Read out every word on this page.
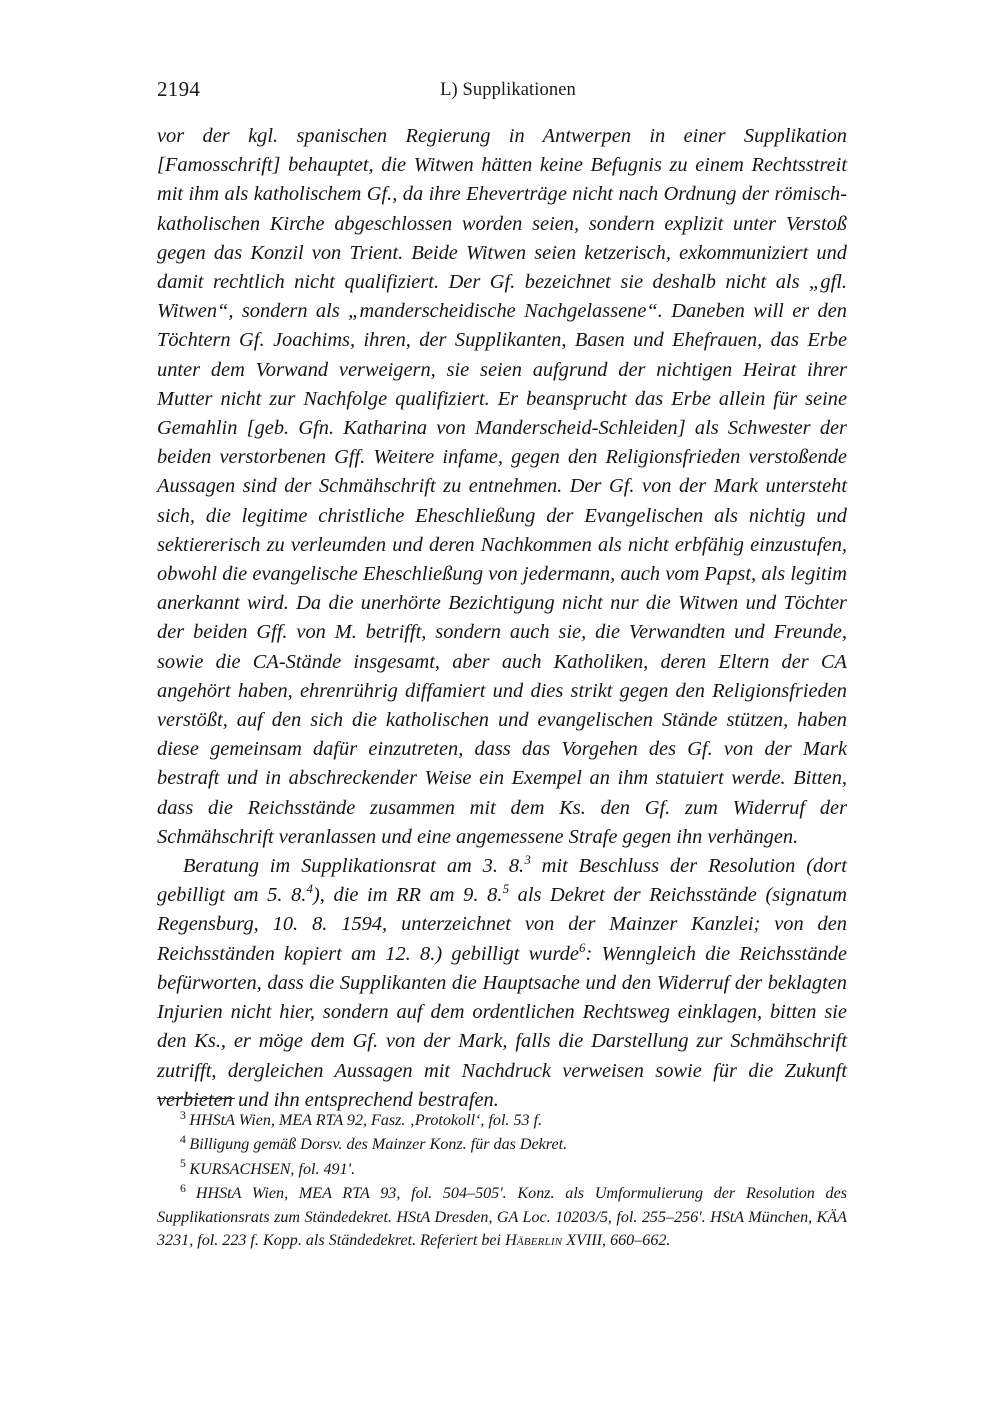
2194	L) Supplikationen

vor der kgl. spanischen Regierung in Antwerpen in einer Supplikation [Famosschrift] behauptet, die Witwen hätten keine Befugnis zu einem Rechtsstreit mit ihm als katholischem Gf., da ihre Eheverträge nicht nach Ordnung der römisch-katholischen Kirche abgeschlossen worden seien, sondern explizit unter Verstoß gegen das Konzil von Trient. Beide Witwen seien ketzerisch, exkommuniziert und damit rechtlich nicht qualifiziert. Der Gf. bezeichnet sie deshalb nicht als „gfl. Witwen“, sondern als „manderscheidische Nachgelassene“. Daneben will er den Töchtern Gf. Joachims, ihren, der Supplikanten, Basen und Ehefrauen, das Erbe unter dem Vorwand verweigern, sie seien aufgrund der nichtigen Heirat ihrer Mutter nicht zur Nachfolge qualifiziert. Er beansprucht das Erbe allein für seine Gemahlin [geb. Gfn. Katharina von Manderscheid-Schleiden] als Schwester der beiden verstorbenen Gff. Weitere infame, gegen den Religionsfrieden verstoßende Aussagen sind der Schmähschrift zu entnehmen. Der Gf. von der Mark untersteht sich, die legitime christliche Eheschließung der Evangelischen als nichtig und sektiererisch zu verleumden und deren Nachkommen als nicht erbfähig einzustufen, obwohl die evangelische Eheschließung von jedermann, auch vom Papst, als legitim anerkannt wird. Da die unerhörte Bezichtigung nicht nur die Witwen und Töchter der beiden Gff. von M. betrifft, sondern auch sie, die Verwandten und Freunde, sowie die CA-Stände insgesamt, aber auch Katholiken, deren Eltern der CA angehört haben, ehrenrührig diffamiert und dies strikt gegen den Religionsfrieden verstößt, auf den sich die katholischen und evangelischen Stände stützen, haben diese gemeinsam dafür einzutreten, dass das Vorgehen des Gf. von der Mark bestraft und in abschreckender Weise ein Exempel an ihm statuiert werde. Bitten, dass die Reichsstände zusammen mit dem Ks. den Gf. zum Widerruf der Schmähschrift veranlassen und eine angemessene Strafe gegen ihn verhängen.

Beratung im Supplikationsrat am 3. 8.$^3$ mit Beschluss der Resolution (dort gebilligt am 5. 8.$^4$), die im RR am 9. 8.$^5$ als Dekret der Reichsstände (signatum Regensburg, 10. 8. 1594, unterzeichnet von der Mainzer Kanzlei; von den Reichsständen kopiert am 12. 8.) gebilligt wurde$^6$: Wenngleich die Reichsstände befürworten, dass die Supplikanten die Hauptsache und den Widerruf der beklagten Injurien nicht hier, sondern auf dem ordentlichen Rechtsweg einklagen, bitten sie den Ks., er möge dem Gf. von der Mark, falls die Darstellung zur Schmähschrift zutrifft, dergleichen Aussagen mit Nachdruck verweisen sowie für die Zukunft verbieten und ihn entsprechend bestrafen.

$^3$ HHStA Wien, MEA RTA 92, Fasz. ‚Protokoll‘, fol. 53 f.

$^4$ Billigung gemäß Dorsv. des Mainzer Konz. für das Dekret.

$^5$ KURSACHSEN, fol. 491'.

$^6$ HHStA Wien, MEA RTA 93, fol. 504–505'. Konz. als Umformulierung der Resolution des Supplikationsrats zum Ständedekret. HStA Dresden, GA Loc. 10203/5, fol. 255–256'. HStA München, KÄA 3231, fol. 223 f. Kopp. als Ständedekret. Referiert bei Häberlin XVIII, 660–662.
